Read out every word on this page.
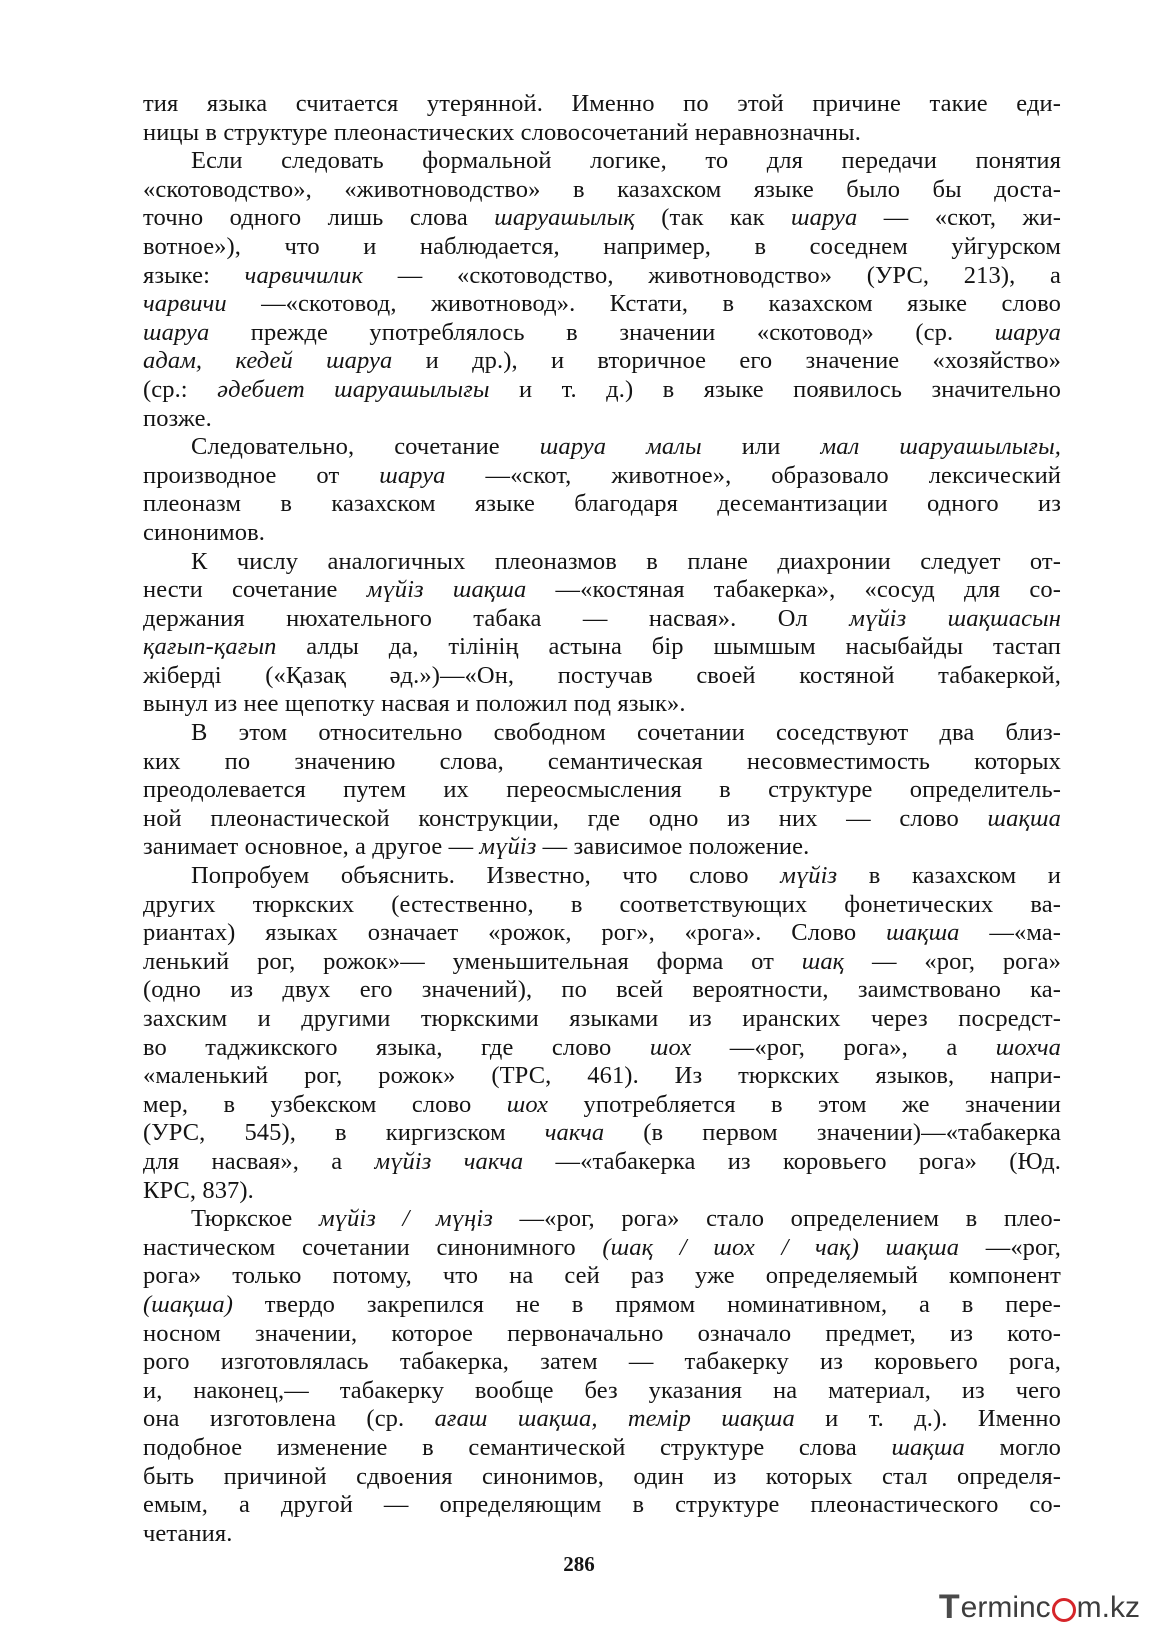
тия языка считается утерянной. Именно по этой причине такие еди-
ницы в структуре плеонастических словосочетаний неравнозначны.
Если следовать формальной логике, то для передачи понятия
«скотоводство», «животноводство» в казахском языке было бы доста-
точно одного лишь слова шаруашылық (так как шаруа — «скот, жи-
вотное»), что и наблюдается, например, в соседнем уйгурском
языке: чарвичилик — «скотоводство, животноводство» (УРС, 213), а
чарвичи —«скотовод, животновод». Кстати, в казахском языке слово
шаруа прежде употреблялось в значении «скотовод» (ср. шаруа
адам, кедей шаруа и др.), и вторичное его значение «хозяйство»
(ср.: әдебиет шаруашылығы и т. д.) в языке появилось значительно
позже.
Следовательно, сочетание шаруа малы или мал шаруашылығы,
производное от шаруа —«скот, животное», образовало лексический
плеоназм в казахском языке благодаря десемантизации одного из
синонимов.
К числу аналогичных плеоназмов в плане диахронии следует от-
нести сочетание мүйіз шақша —«костяная табакерка», «сосуд для со-
держания нюхательного табака — насвая». Ол мүйіз шақшасын
қағып-қағып алды да, тілінің астына бір шымшым насыбайды тастап
жіберді («Қазақ әд.»)—«Он, постучав своей костяной табакеркой,
вынул из нее щепотку насвая и положил под язык».
В этом относительно свободном сочетании соседствуют два близ-
ких по значению слова, семантическая несовместимость которых
преодолевается путем их переосмысления в структуре определитель-
ной плеонастической конструкции, где одно из них — слово шақша
занимает основное, а другое — мүйіз — зависимое положение.
Попробуем объяснить. Известно, что слово мүйіз в казахском и
других тюркских (естественно, в соответствующих фонетических ва-
риантах) языках означает «рожок, рог», «рога». Слово шақша —«ма-
ленький рог, рожок»— уменьшительная форма от шақ — «рог, рога»
(одно из двух его значений), по всей вероятности, заимствовано ка-
захским и другими тюркскими языками из иранских через посредст-
во таджикского языка, где слово шох —«рог, рога», а шохча
«маленький рог, рожок» (ТРС, 461). Из тюркских языков, напри-
мер, в узбекском слово шох употребляется в этом же значении
(УРС, 545), в киргизском чакча (в первом значении)—«табакерка
для насвая», а мүйіз чакча —«табакерка из коровьего рога» (Юд.
КРС, 837).
Тюркское мүйіз / мүңіз —«рог, рога» стало определением в плео-
настическом сочетании синонимного (шақ / шох / чақ) шақша —«рог,
рога» только потому, что на сей раз уже определяемый компонент
(шақша) твердо закрепился не в прямом номинативном, а в пере-
носном значении, которое первоначально означало предмет, из кото-
рого изготовлялась табакерка, затем — табакерку из коровьего рога,
и, наконец,— табакерку вообще без указания на материал, из чего
она изготовлена (ср. ағаш шақша, темір шақша и т. д.). Именно
подобное изменение в семантической структуре слова шақша могло
быть причиной сдвоения синонимов, один из которых стал определя-
емым, а другой — определяющим в структуре плеонастического со-
четания.
286
T erminc m.kz
